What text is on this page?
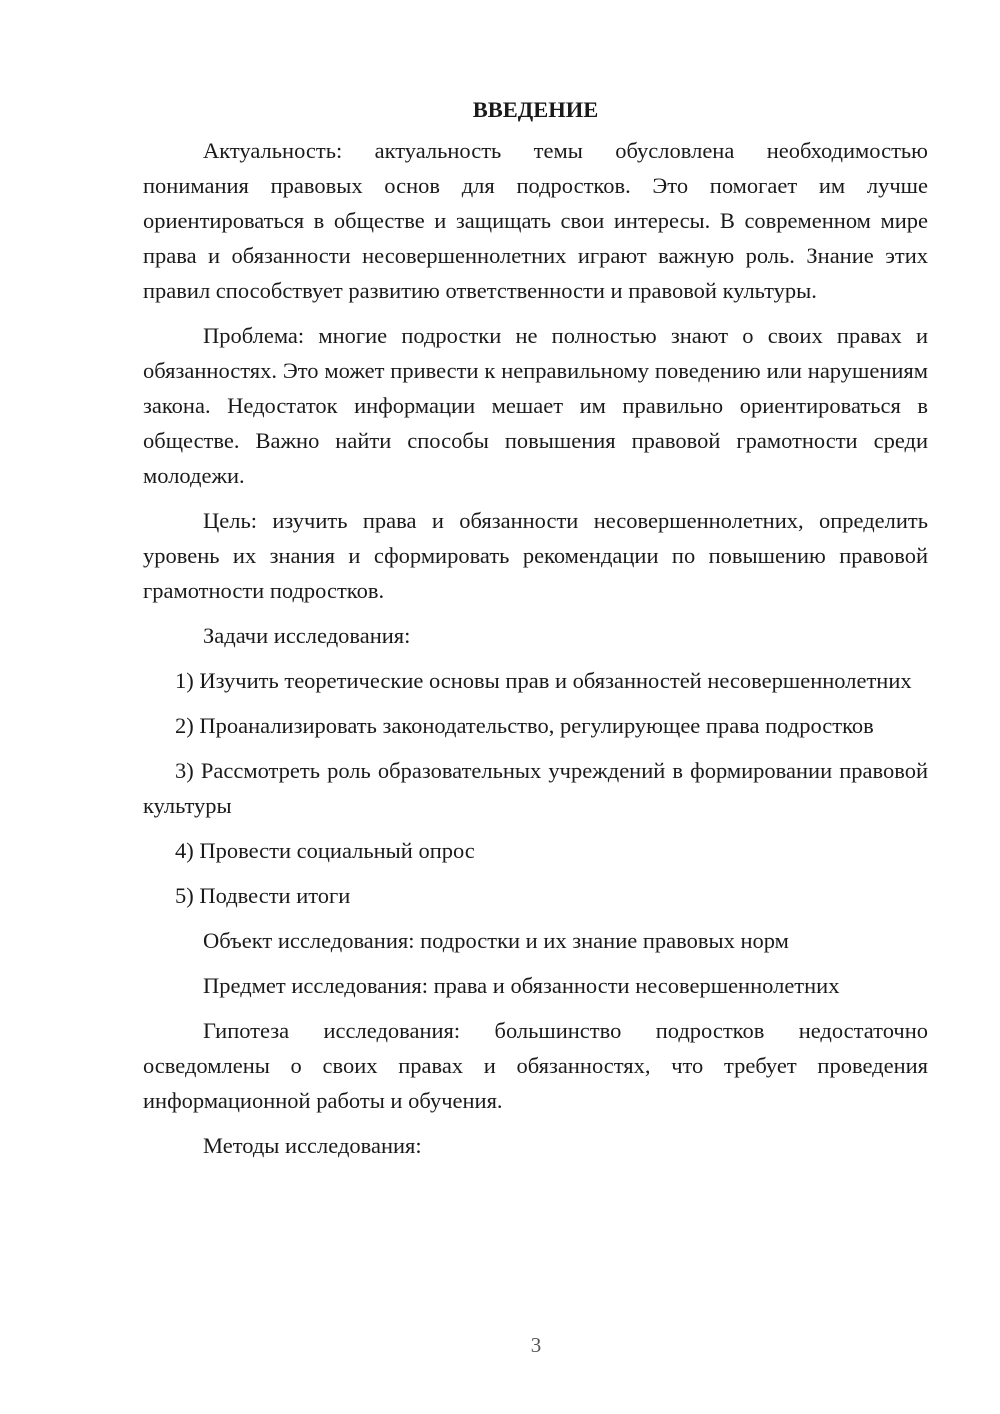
ВВЕДЕНИЕ

Актуальность: актуальность темы обусловлена необходимостью понимания правовых основ для подростков. Это помогает им лучше ориентироваться в обществе и защищать свои интересы. В современном мире права и обязанности несовершеннолетних играют важную роль. Знание этих правил способствует развитию ответственности и правовой культуры.

Проблема: многие подростки не полностью знают о своих правах и обязанностях. Это может привести к неправильному поведению или нарушениям закона. Недостаток информации мешает им правильно ориентироваться в обществе. Важно найти способы повышения правовой грамотности среди молодежи.

Цель: изучить права и обязанности несовершеннолетних, определить уровень их знания и сформировать рекомендации по повышению правовой грамотности подростков.

Задачи исследования:

1) Изучить теоретические основы прав и обязанностей несовершеннолетних

2) Проанализировать законодательство, регулирующее права подростков

3) Рассмотреть роль образовательных учреждений в формировании правовой культуры

4) Провести социальный опрос

5) Подвести итоги

Объект исследования: подростки и их знание правовых норм

Предмет исследования: права и обязанности несовершеннолетних

Гипотеза исследования: большинство подростков недостаточно осведомлены о своих правах и обязанностях, что требует проведения информационной работы и обучения.

Методы исследования:

3
